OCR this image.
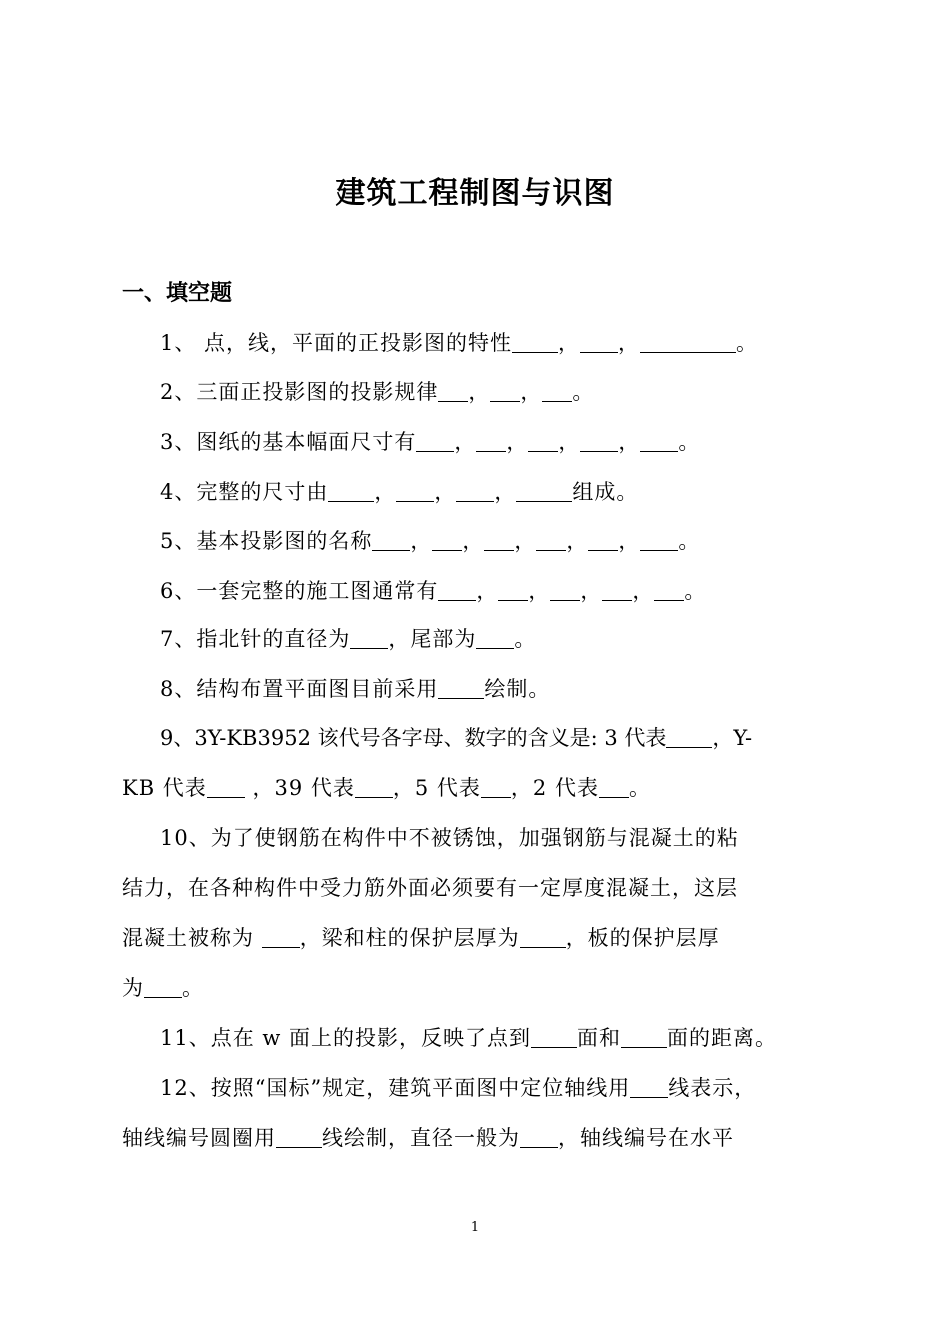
建筑工程制图与识图
一、填空题
1、 点，线，平面的正投影图的特性 ， ，	。
2、三面正投影图的投影规律 ， ， 。
3、图纸的基本幅面尺寸有 ， ， ， ， 。
4、完整的尺寸由 ， ， ，	组成。
5、基本投影图的名称 ， ， ， ， ， 。
6、一套完整的施工图通常有 ， ， ， ， 。
7、指北针的直径为 ，尾部为 。
8、结构布置平面图目前采用 绘制。
9、3Y-KB3952 该代号各字母、数字的含义是: 3 代表 ，Y-
KB 代表 ，39 代表 ，5 代表 ，2 代表 。
10、为了使钢筋在构件中不被锈蚀，加强钢筋与混凝土的粘
结力，在各种构件中受力筋外面必须要有一定厚度混凝土，这层
混凝土被称为 ，梁和柱的保护层厚为 ，板的保护层厚
为 。
11、点在 w 面上的投影，反映了点到 面和 面的距离。
12、按照“国标”规定，建筑平面图中定位轴线用 线表示，
轴线编号圆圈用 线绘制，直径一般为 ，轴线编号在水平
1
